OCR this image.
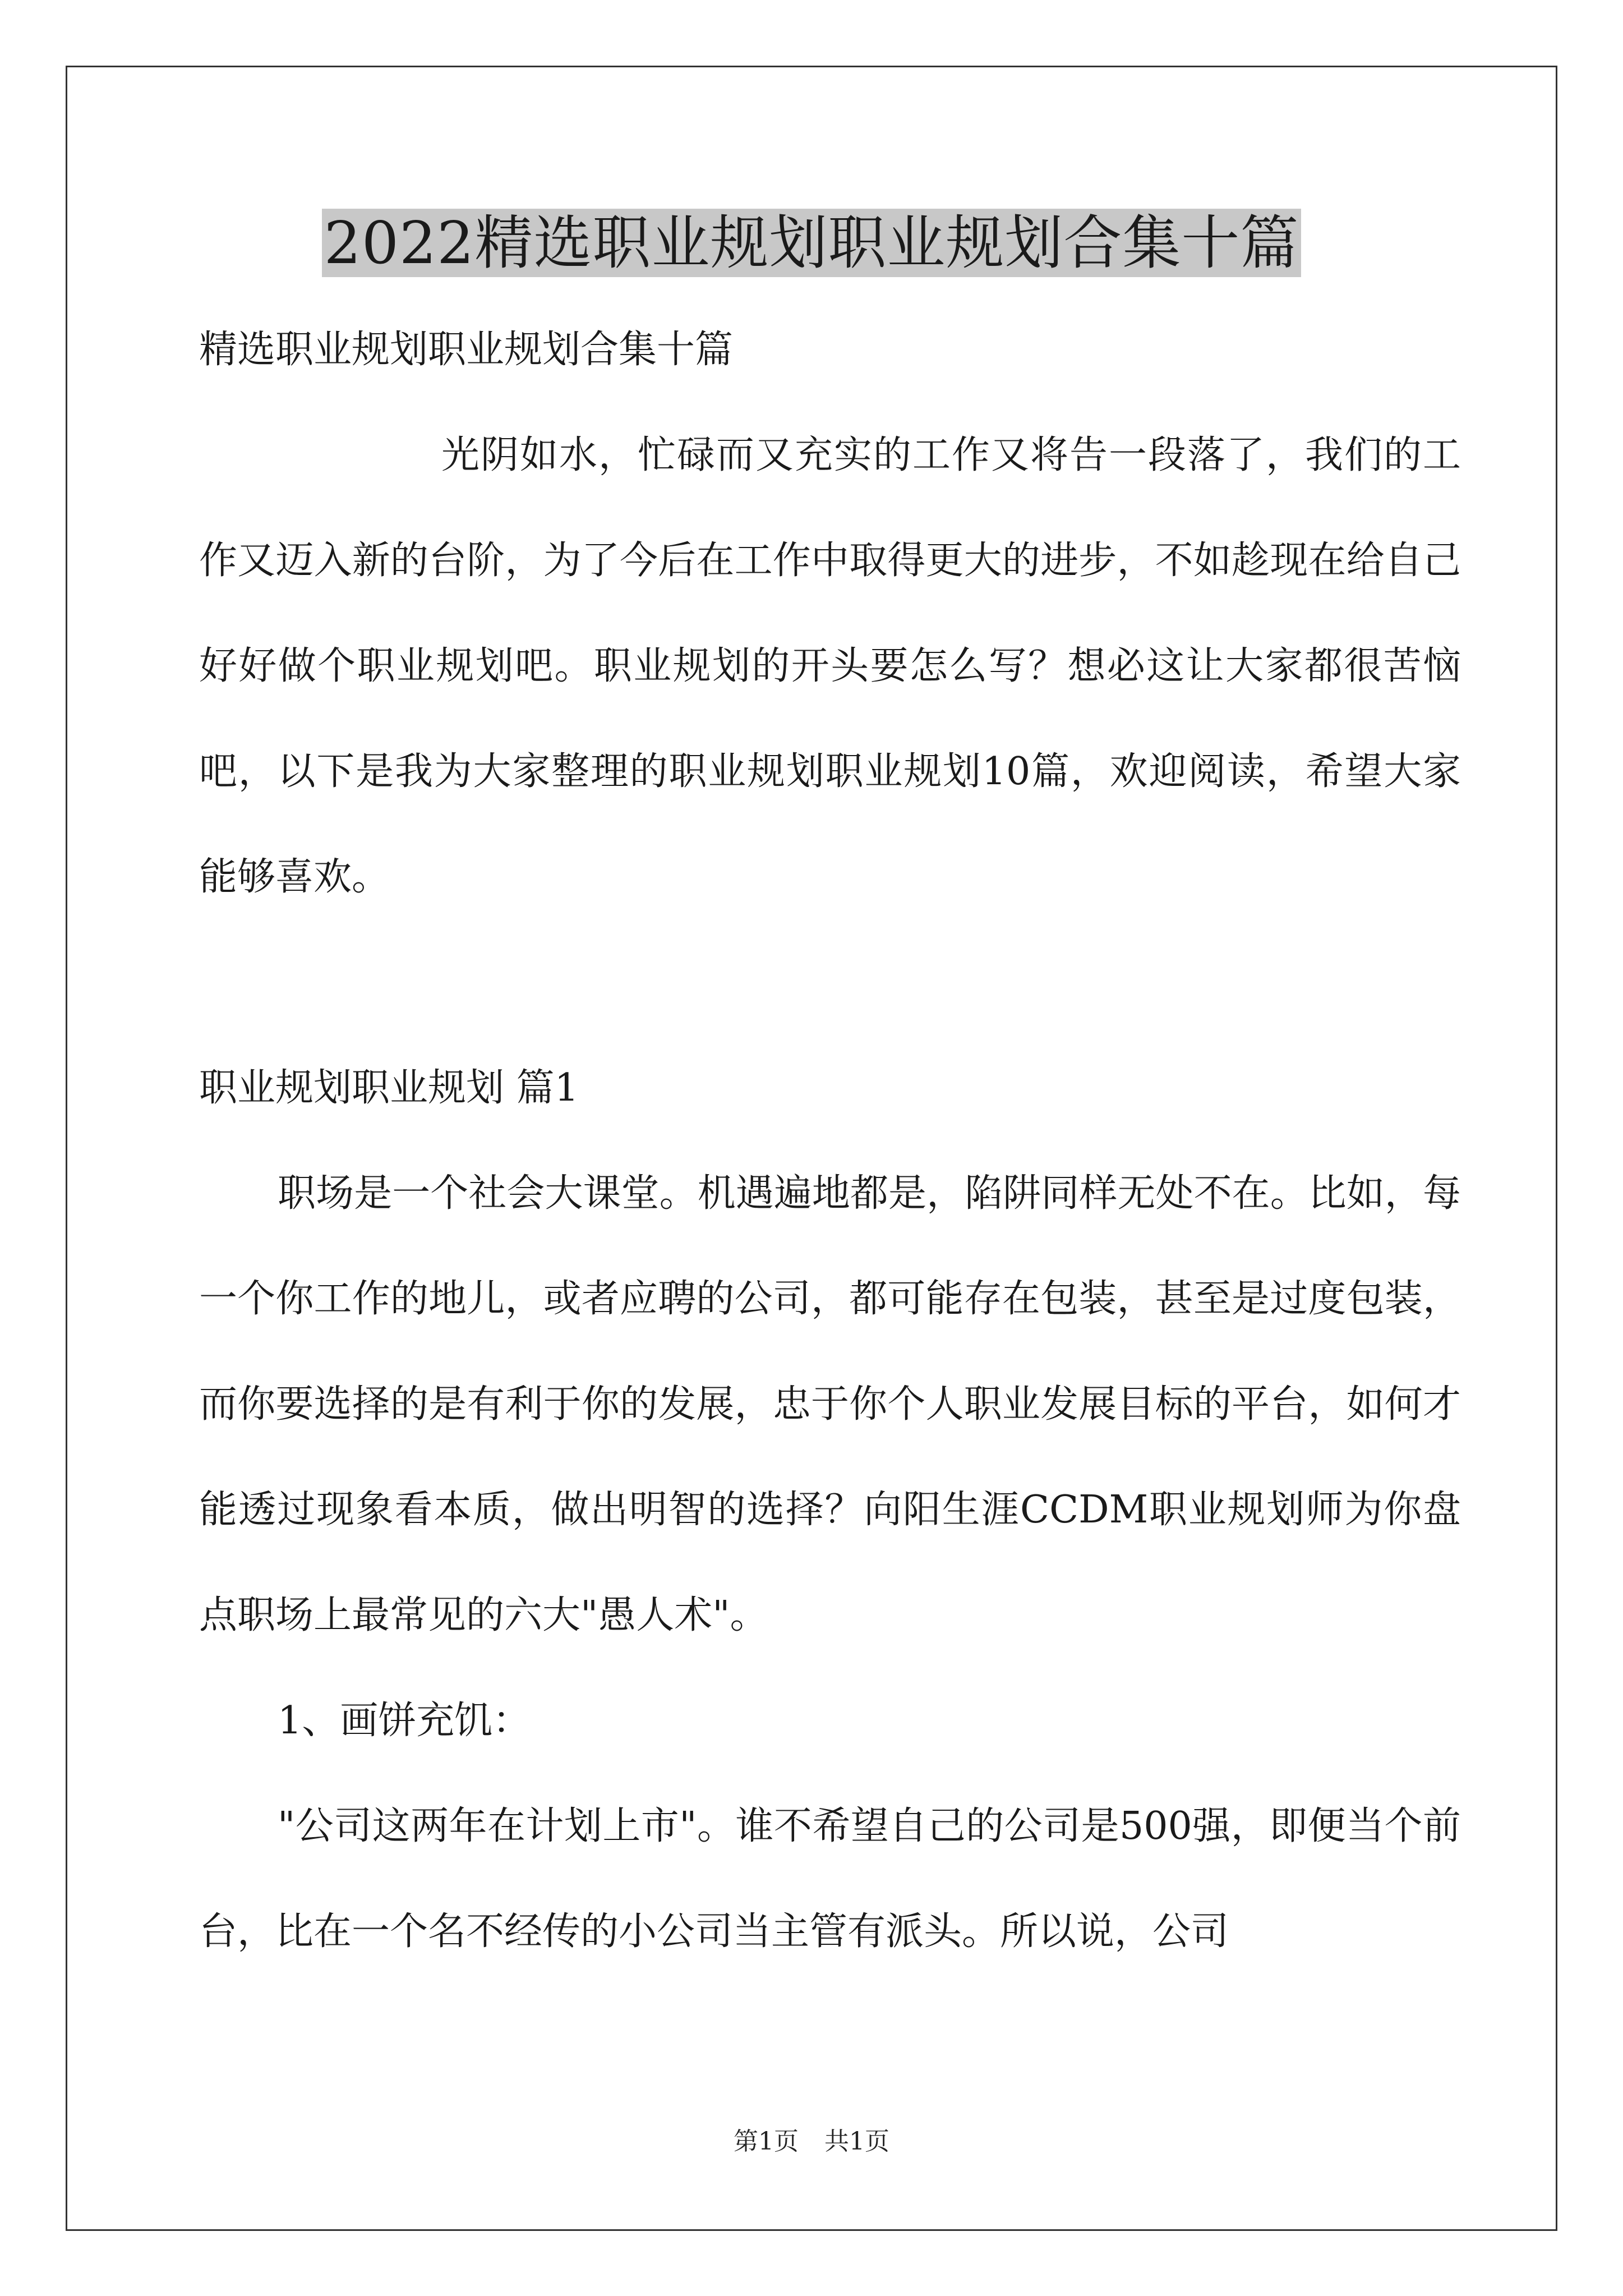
2022精选职业规划职业规划合集十篇

精选职业规划职业规划合集十篇

光阴如水，忙碌而又充实的工作又将告一段落了，我们的工作又迈入新的台阶，为了今后在工作中取得更大的进步，不如趁现在给自己好好做个职业规划吧。职业规划的开头要怎么写？想必这让大家都很苦恼吧，以下是我为大家整理的职业规划职业规划10篇，欢迎阅读，希望大家能够喜欢。

职业规划职业规划 篇1

职场是一个社会大课堂。机遇遍地都是，陷阱同样无处不在。比如，每一个你工作的地儿，或者应聘的公司，都可能存在包装，甚至是过度包装，而你要选择的是有利于你的发展，忠于你个人职业发展目标的平台，如何才能透过现象看本质，做出明智的选择？向阳生涯CCDM职业规划师为你盘点职场上最常见的六大"愚人术"。

1、画饼充饥：

"公司这两年在计划上市"。谁不希望自己的公司是500强，即便当个前台，比在一个名不经传的小公司当主管有派头。所以说，公司

第1页 共1页
